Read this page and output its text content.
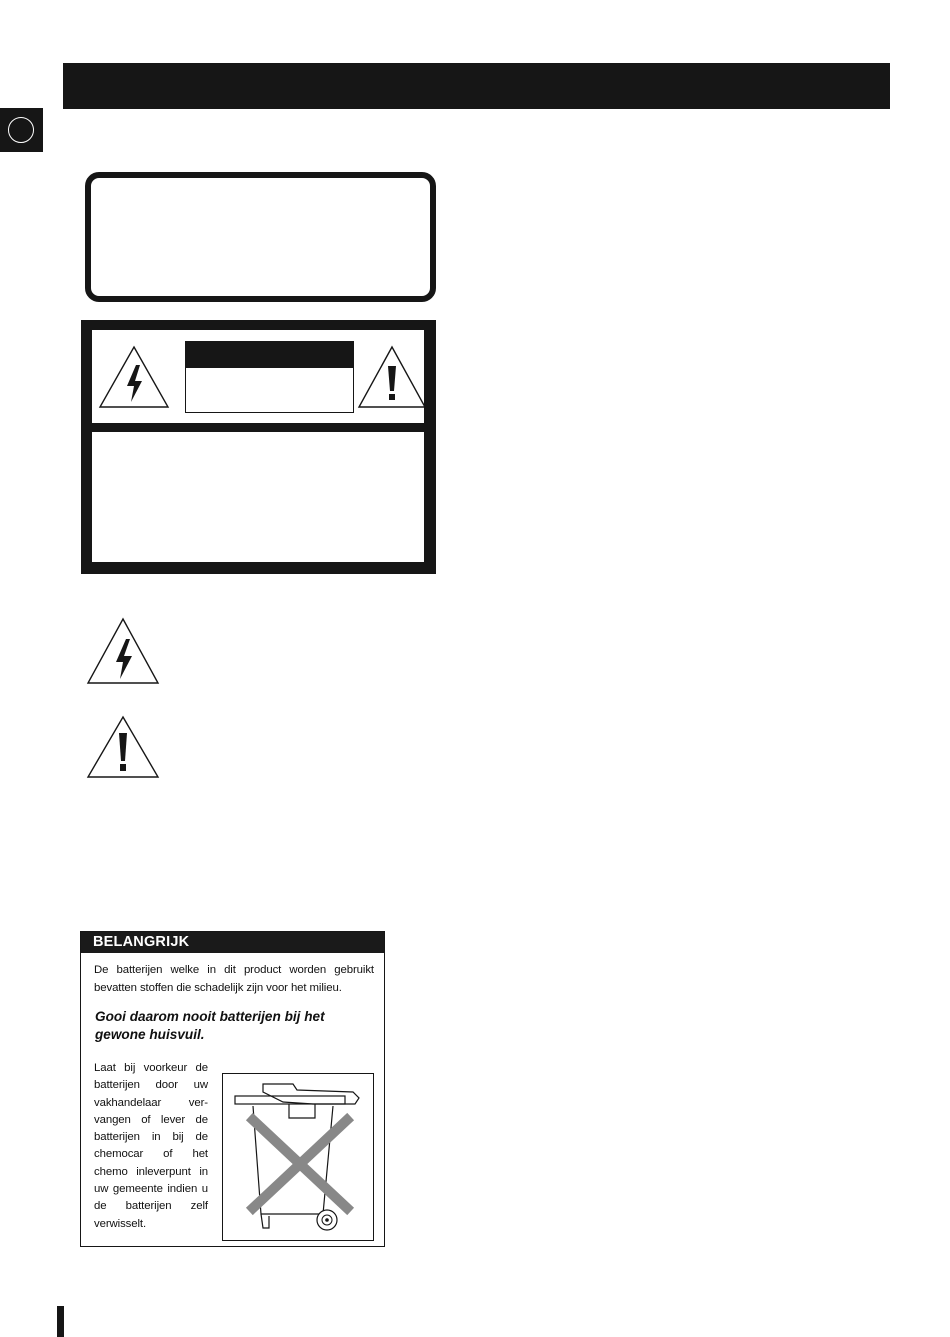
BELANGRIJK
De batterijen welke in dit product worden gebruikt bevatten stoffen die schadelijk zijn voor het milieu.
Gooi daarom nooit batterijen bij het gewone huisvuil.
Laat bij voorkeur de batterijen door uw vakhandelaar ver-vangen of lever de batterijen in bij de chemocar of het chemo inleverpunt in uw gemeente indien u de batterijen zelf verwisselt.
